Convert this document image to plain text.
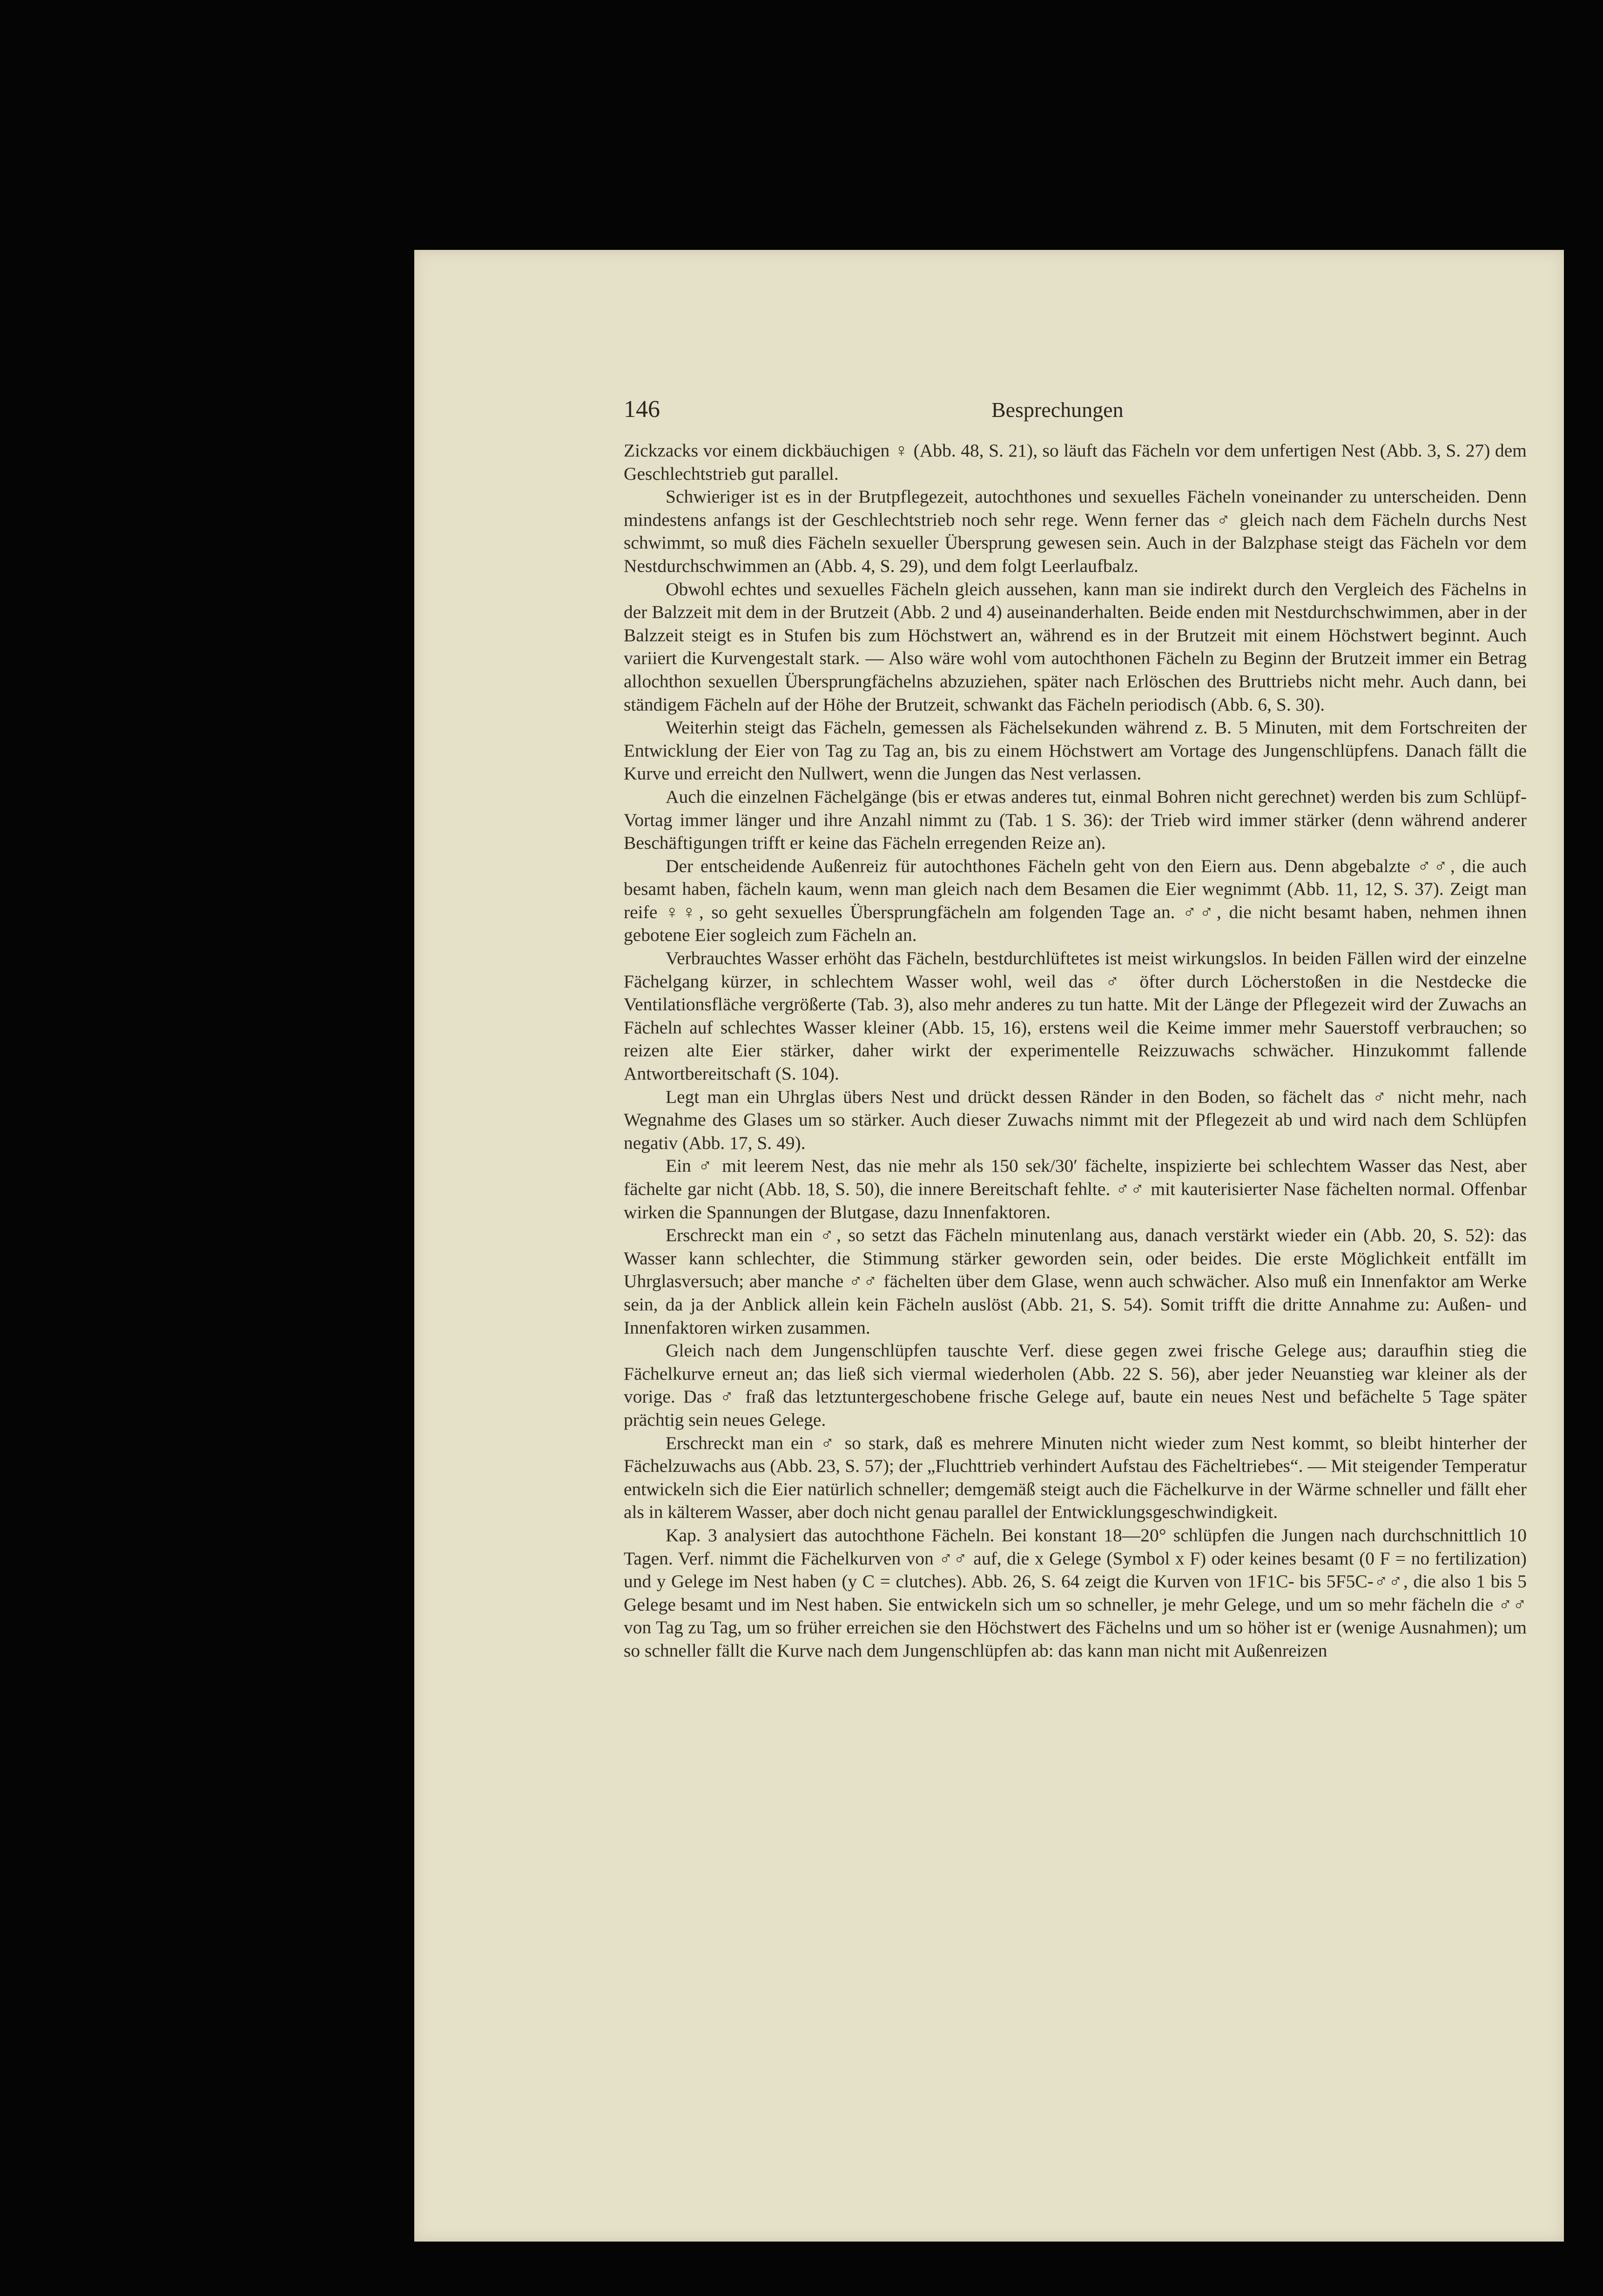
146	Besprechungen

Zickzacks vor einem dickbäuchigen ♀ (Abb. 48, S. 21), so läuft das Fächeln vor dem unfertigen Nest (Abb. 3, S. 27) dem Geschlechtstrieb gut parallel.

Schwieriger ist es in der Brutpflegezeit, autochthones und sexuelles Fächeln voneinander zu unterscheiden. Denn mindestens anfangs ist der Geschlechtstrieb noch sehr rege. Wenn ferner das ♂ gleich nach dem Fächeln durchs Nest schwimmt, so muß dies Fächeln sexueller Übersprung gewesen sein. Auch in der Balzphase steigt das Fächeln vor dem Nestdurchschwimmen an (Abb. 4, S. 29), und dem folgt Leerlaufbalz.

Obwohl echtes und sexuelles Fächeln gleich aussehen, kann man sie indirekt durch den Vergleich des Fächelns in der Balzzeit mit dem in der Brutzeit (Abb. 2 und 4) auseinanderhalten. Beide enden mit Nestdurchschwimmen, aber in der Balzzeit steigt es in Stufen bis zum Höchstwert an, während es in der Brutzeit mit einem Höchstwert beginnt. Auch variiert die Kurvengestalt stark. — Also wäre wohl vom autochthonen Fächeln zu Beginn der Brutzeit immer ein Betrag allochthon sexuellen Übersprungfächelns abzuziehen, später nach Erlöschen des Bruttriebs nicht mehr. Auch dann, bei ständigem Fächeln auf der Höhe der Brutzeit, schwankt das Fächeln periodisch (Abb. 6, S. 30).

Weiterhin steigt das Fächeln, gemessen als Fächelsekunden während z. B. 5 Minuten, mit dem Fortschreiten der Entwicklung der Eier von Tag zu Tag an, bis zu einem Höchstwert am Vortage des Jungenschlüpfens. Danach fällt die Kurve und erreicht den Nullwert, wenn die Jungen das Nest verlassen.

Auch die einzelnen Fächelgänge (bis er etwas anderes tut, einmal Bohren nicht gerechnet) werden bis zum Schlüpf-Vortag immer länger und ihre Anzahl nimmt zu (Tab. 1 S. 36): der Trieb wird immer stärker (denn während anderer Beschäftigungen trifft er keine das Fächeln erregenden Reize an).

Der entscheidende Außenreiz für autochthones Fächeln geht von den Eiern aus. Denn abgebalzte ♂♂, die auch besamt haben, fächeln kaum, wenn man gleich nach dem Besamen die Eier wegnimmt (Abb. 11, 12, S. 37). Zeigt man reife ♀♀, so geht sexuelles Übersprungfächeln am folgenden Tage an. ♂♂, die nicht besamt haben, nehmen ihnen gebotene Eier sogleich zum Fächeln an.

Verbrauchtes Wasser erhöht das Fächeln, bestdurchlüftetes ist meist wirkungslos. In beiden Fällen wird der einzelne Fächelgang kürzer, in schlechtem Wasser wohl, weil das ♂ öfter durch Löcherstoßen in die Nestdecke die Ventilationsfläche vergrößerte (Tab. 3), also mehr anderes zu tun hatte. Mit der Länge der Pflegezeit wird der Zuwachs an Fächeln auf schlechtes Wasser kleiner (Abb. 15, 16), erstens weil die Keime immer mehr Sauerstoff verbrauchen; so reizen alte Eier stärker, daher wirkt der experimentelle Reizzuwachs schwächer. Hinzukommt fallende Antwortbereitschaft (S. 104).

Legt man ein Uhrglas übers Nest und drückt dessen Ränder in den Boden, so fächelt das ♂ nicht mehr, nach Wegnahme des Glases um so stärker. Auch dieser Zuwachs nimmt mit der Pflegezeit ab und wird nach dem Schlüpfen negativ (Abb. 17, S. 49).

Ein ♂ mit leerem Nest, das nie mehr als 150 sek/30′ fächelte, inspizierte bei schlechtem Wasser das Nest, aber fächelte gar nicht (Abb. 18, S. 50), die innere Bereitschaft fehlte. ♂♂ mit kauterisierter Nase fächelten normal. Offenbar wirken die Spannungen der Blutgase, dazu Innenfaktoren.

Erschreckt man ein ♂, so setzt das Fächeln minutenlang aus, danach verstärkt wieder ein (Abb. 20, S. 52): das Wasser kann schlechter, die Stimmung stärker geworden sein, oder beides. Die erste Möglichkeit entfällt im Uhrglasversuch; aber manche ♂♂ fächelten über dem Glase, wenn auch schwächer. Also muß ein Innenfaktor am Werke sein, da ja der Anblick allein kein Fächeln auslöst (Abb. 21, S. 54). Somit trifft die dritte Annahme zu: Außen- und Innenfaktoren wirken zusammen.

Gleich nach dem Jungenschlüpfen tauschte Verf. diese gegen zwei frische Gelege aus; daraufhin stieg die Fächelkurve erneut an; das ließ sich viermal wiederholen (Abb. 22 S. 56), aber jeder Neuanstieg war kleiner als der vorige. Das ♂ fraß das letztuntergeschobene frische Gelege auf, baute ein neues Nest und befächelte 5 Tage später prächtig sein neues Gelege.

Erschreckt man ein ♂ so stark, daß es mehrere Minuten nicht wieder zum Nest kommt, so bleibt hinterher der Fächelzuwachs aus (Abb. 23, S. 57); der „Fluchttrieb verhindert Aufstau des Fächeltriebes“. — Mit steigender Temperatur entwickeln sich die Eier natürlich schneller; demgemäß steigt auch die Fächelkurve in der Wärme schneller und fällt eher als in kälterem Wasser, aber doch nicht genau parallel der Entwicklungsgeschwindigkeit.

Kap. 3 analysiert das autochthone Fächeln. Bei konstant 18—20° schlüpfen die Jungen nach durchschnittlich 10 Tagen. Verf. nimmt die Fächelkurven von ♂♂ auf, die x Gelege (Symbol x F) oder keines besamt (0 F = no fertilization) und y Gelege im Nest haben (y C = clutches). Abb. 26, S. 64 zeigt die Kurven von 1F1C- bis 5F5C-♂♂, die also 1 bis 5 Gelege besamt und im Nest haben. Sie entwickeln sich um so schneller, je mehr Gelege, und um so mehr fächeln die ♂♂ von Tag zu Tag, um so früher erreichen sie den Höchstwert des Fächelns und um so höher ist er (wenige Ausnahmen); um so schneller fällt die Kurve nach dem Jungenschlüpfen ab: das kann man nicht mit Außenreizen
